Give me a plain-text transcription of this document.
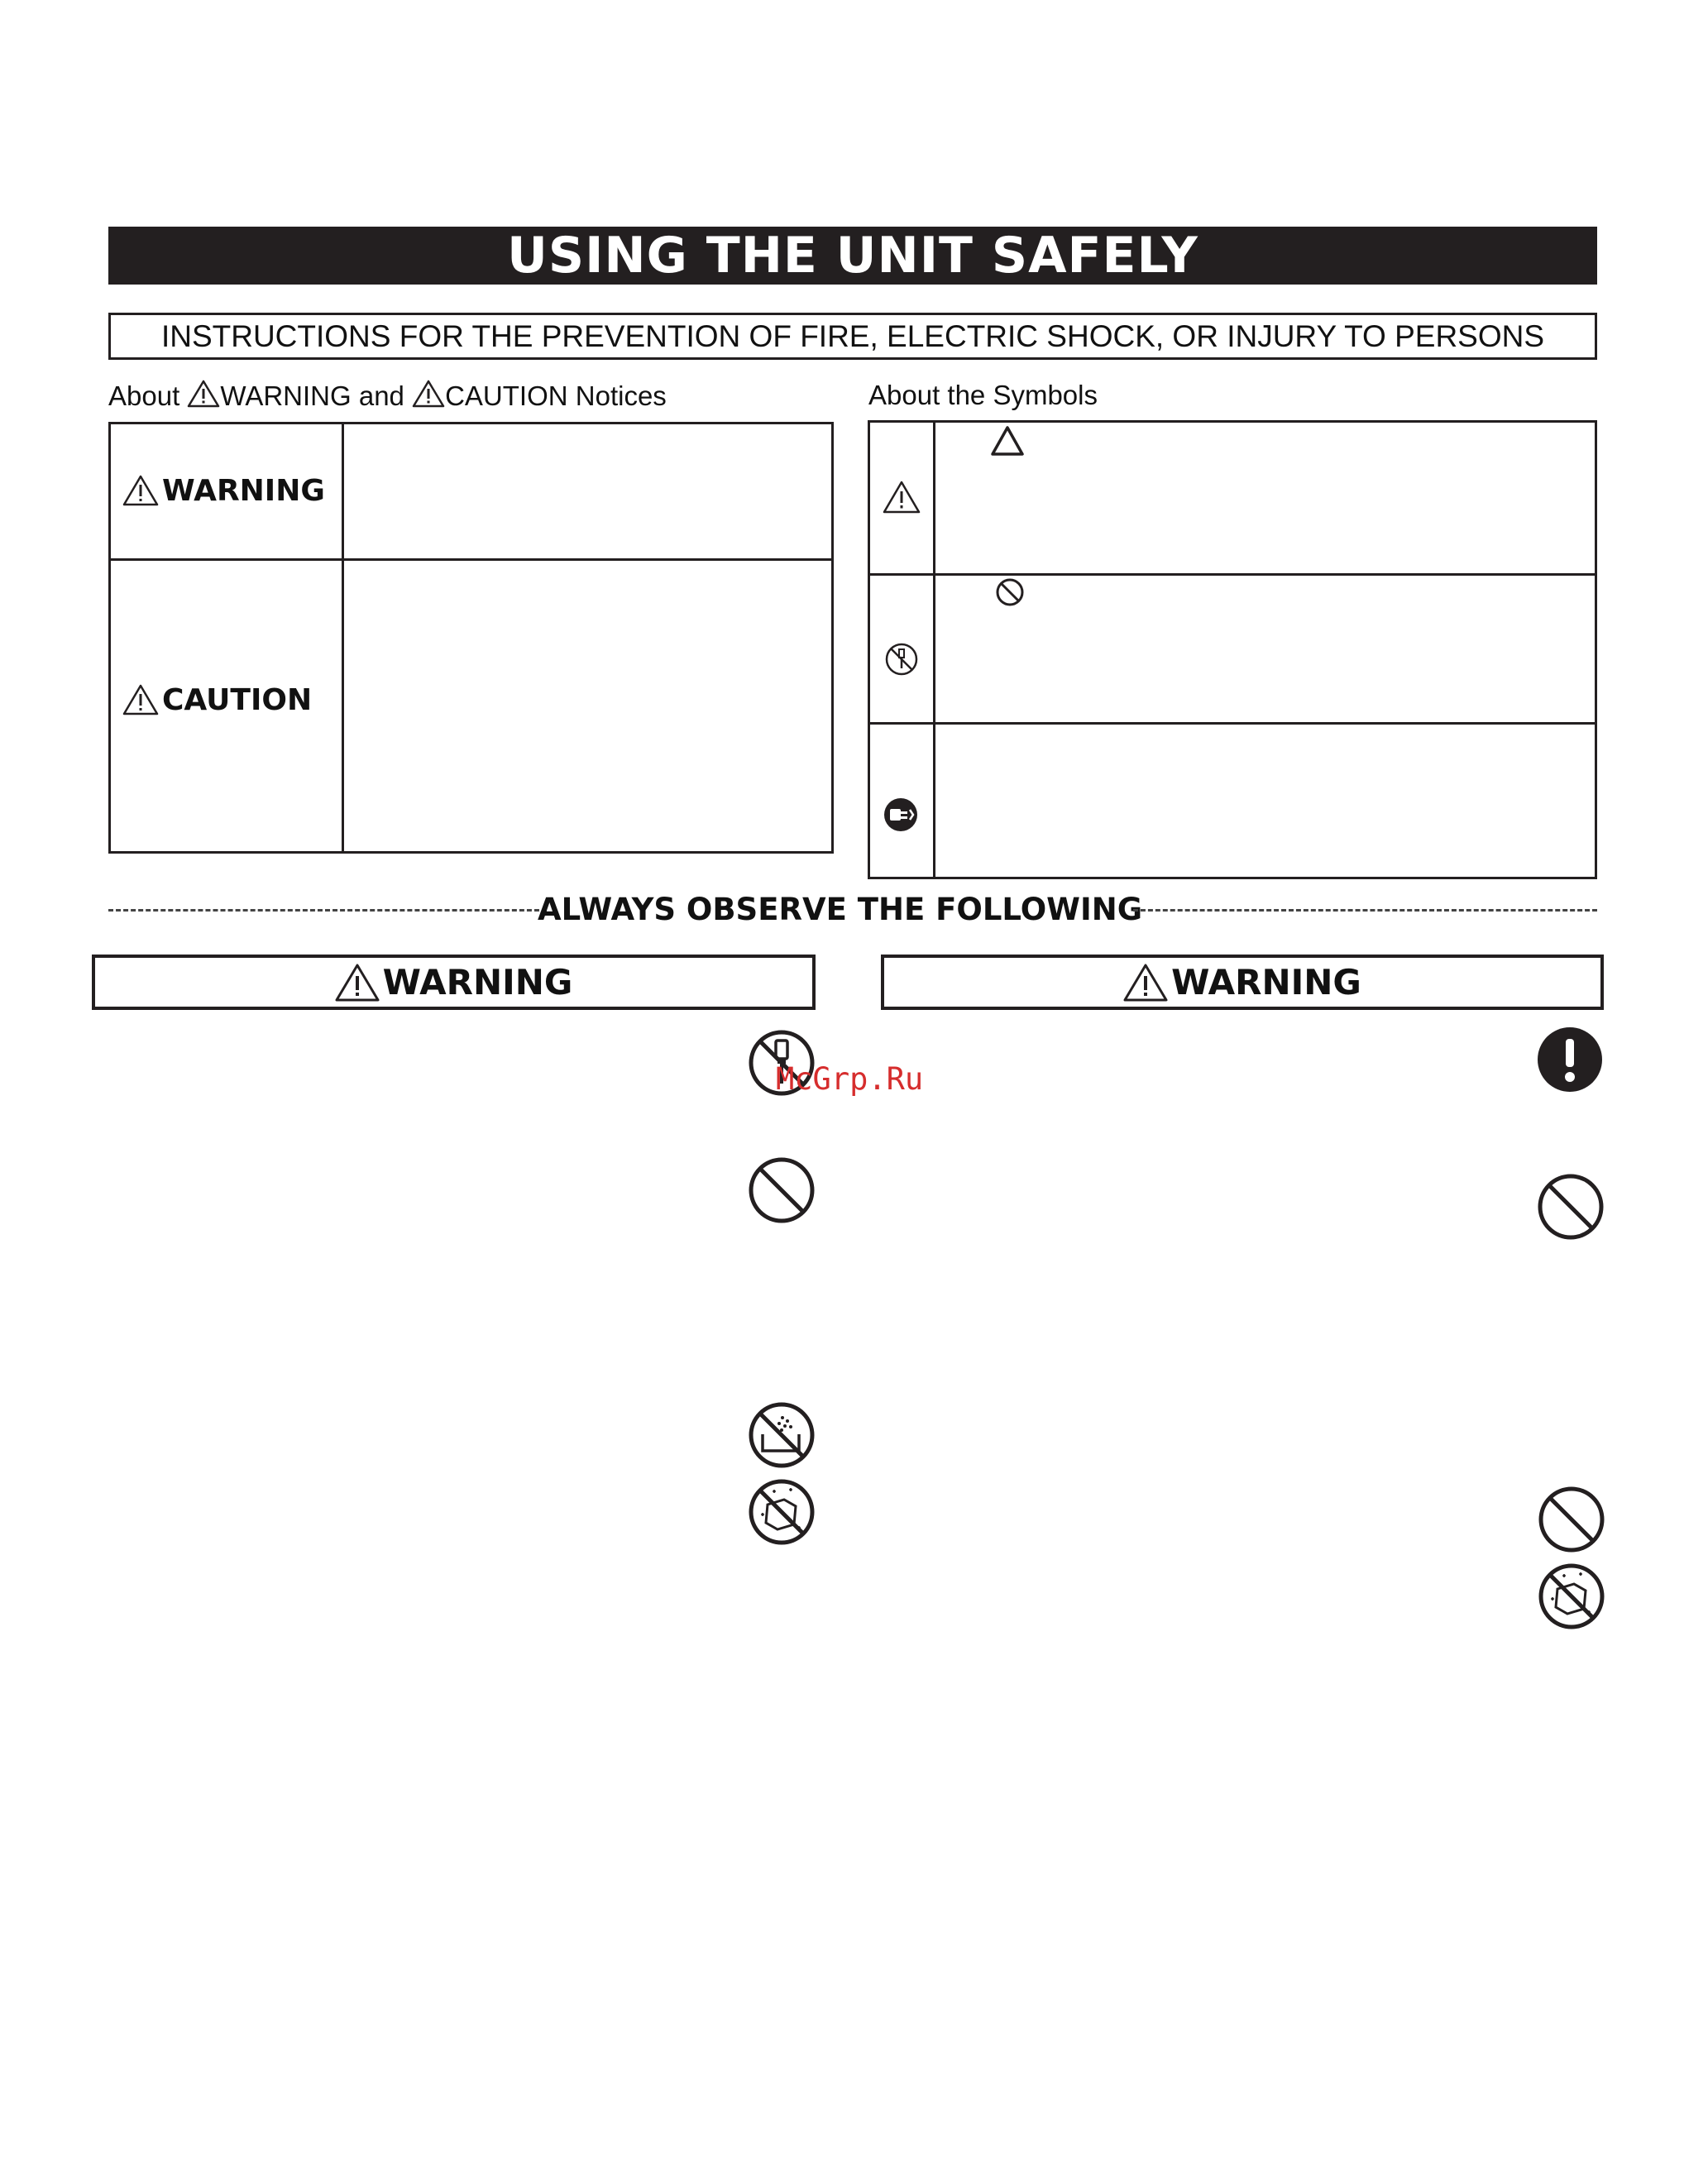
USING THE UNIT SAFELY
INSTRUCTIONS FOR THE PREVENTION OF FIRE, ELECTRIC SHOCK, OR INJURY TO PERSONS
About WARNING and CAUTION Notices	About the Symbols
WARNING
CAUTION
ALWAYS OBSERVE THE FOLLOWING
WARNING	WARNING
McGrp.Ru
